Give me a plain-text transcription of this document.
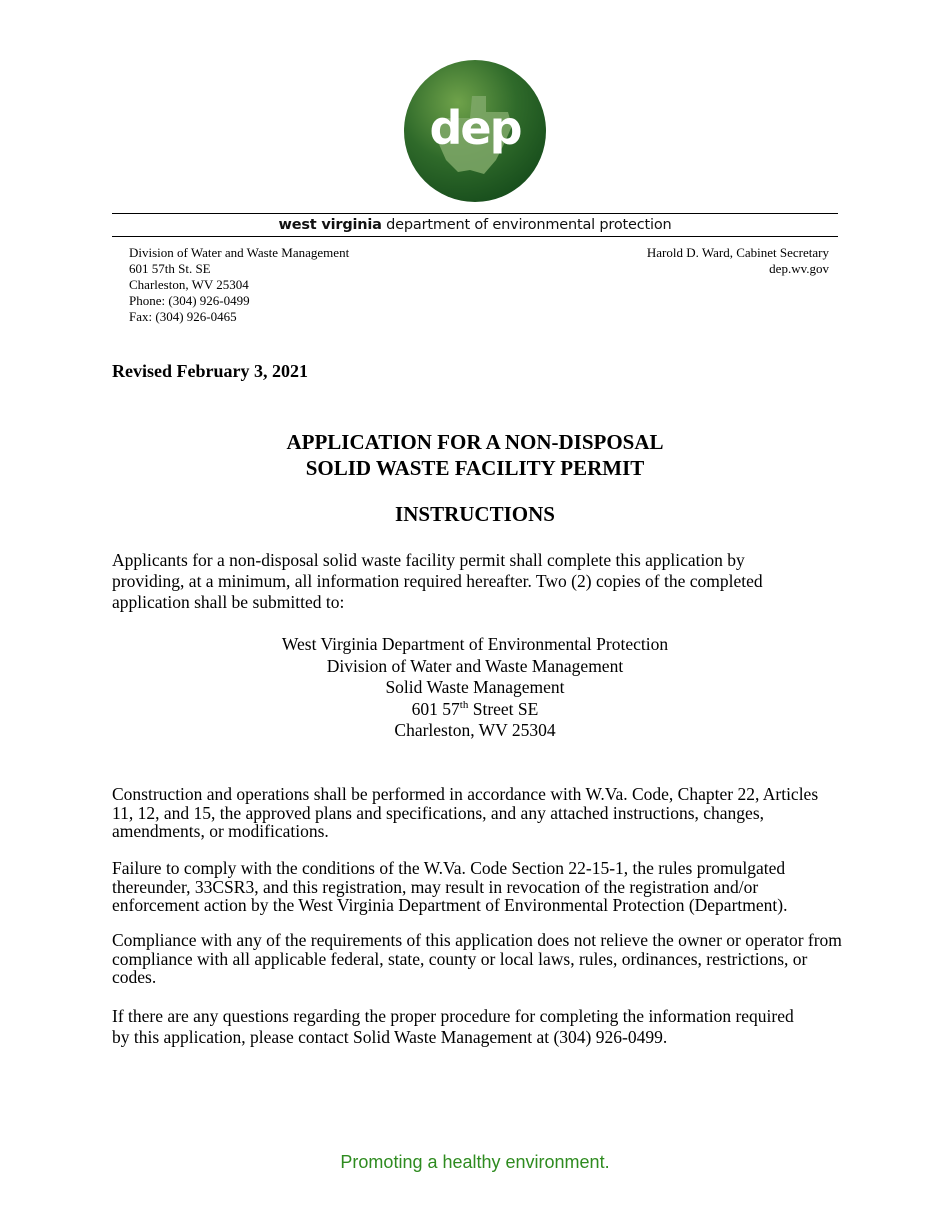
dep
west virginia department of environmental protection
Division of Water and Waste Management
601 57th St. SE
Charleston, WV 25304
Phone: (304) 926-0499
Fax: (304) 926-0465
Harold D. Ward, Cabinet Secretary
dep.wv.gov
Revised February 3, 2021
APPLICATION FOR A NON-DISPOSAL
SOLID WASTE FACILITY PERMIT
INSTRUCTIONS
Applicants for a non-disposal solid waste facility permit shall complete this application by providing, at a minimum, all information required hereafter. Two (2) copies of the completed application shall be submitted to:
West Virginia Department of Environmental Protection
Division of Water and Waste Management
Solid Waste Management
601 57th Street SE
Charleston, WV 25304
Construction and operations shall be performed in accordance with W.Va. Code, Chapter 22, Articles 11, 12, and 15, the approved plans and specifications, and any attached instructions, changes, amendments, or modifications.
Failure to comply with the conditions of the W.Va. Code Section 22-15-1, the rules promulgated thereunder, 33CSR3, and this registration, may result in revocation of the registration and/or enforcement action by the West Virginia Department of Environmental Protection (Department).
Compliance with any of the requirements of this application does not relieve the owner or operator from compliance with all applicable federal, state, county or local laws, rules, ordinances, restrictions, or codes.
If there are any questions regarding the proper procedure for completing the information required by this application, please contact Solid Waste Management at (304) 926-0499.
Promoting a healthy environment.
